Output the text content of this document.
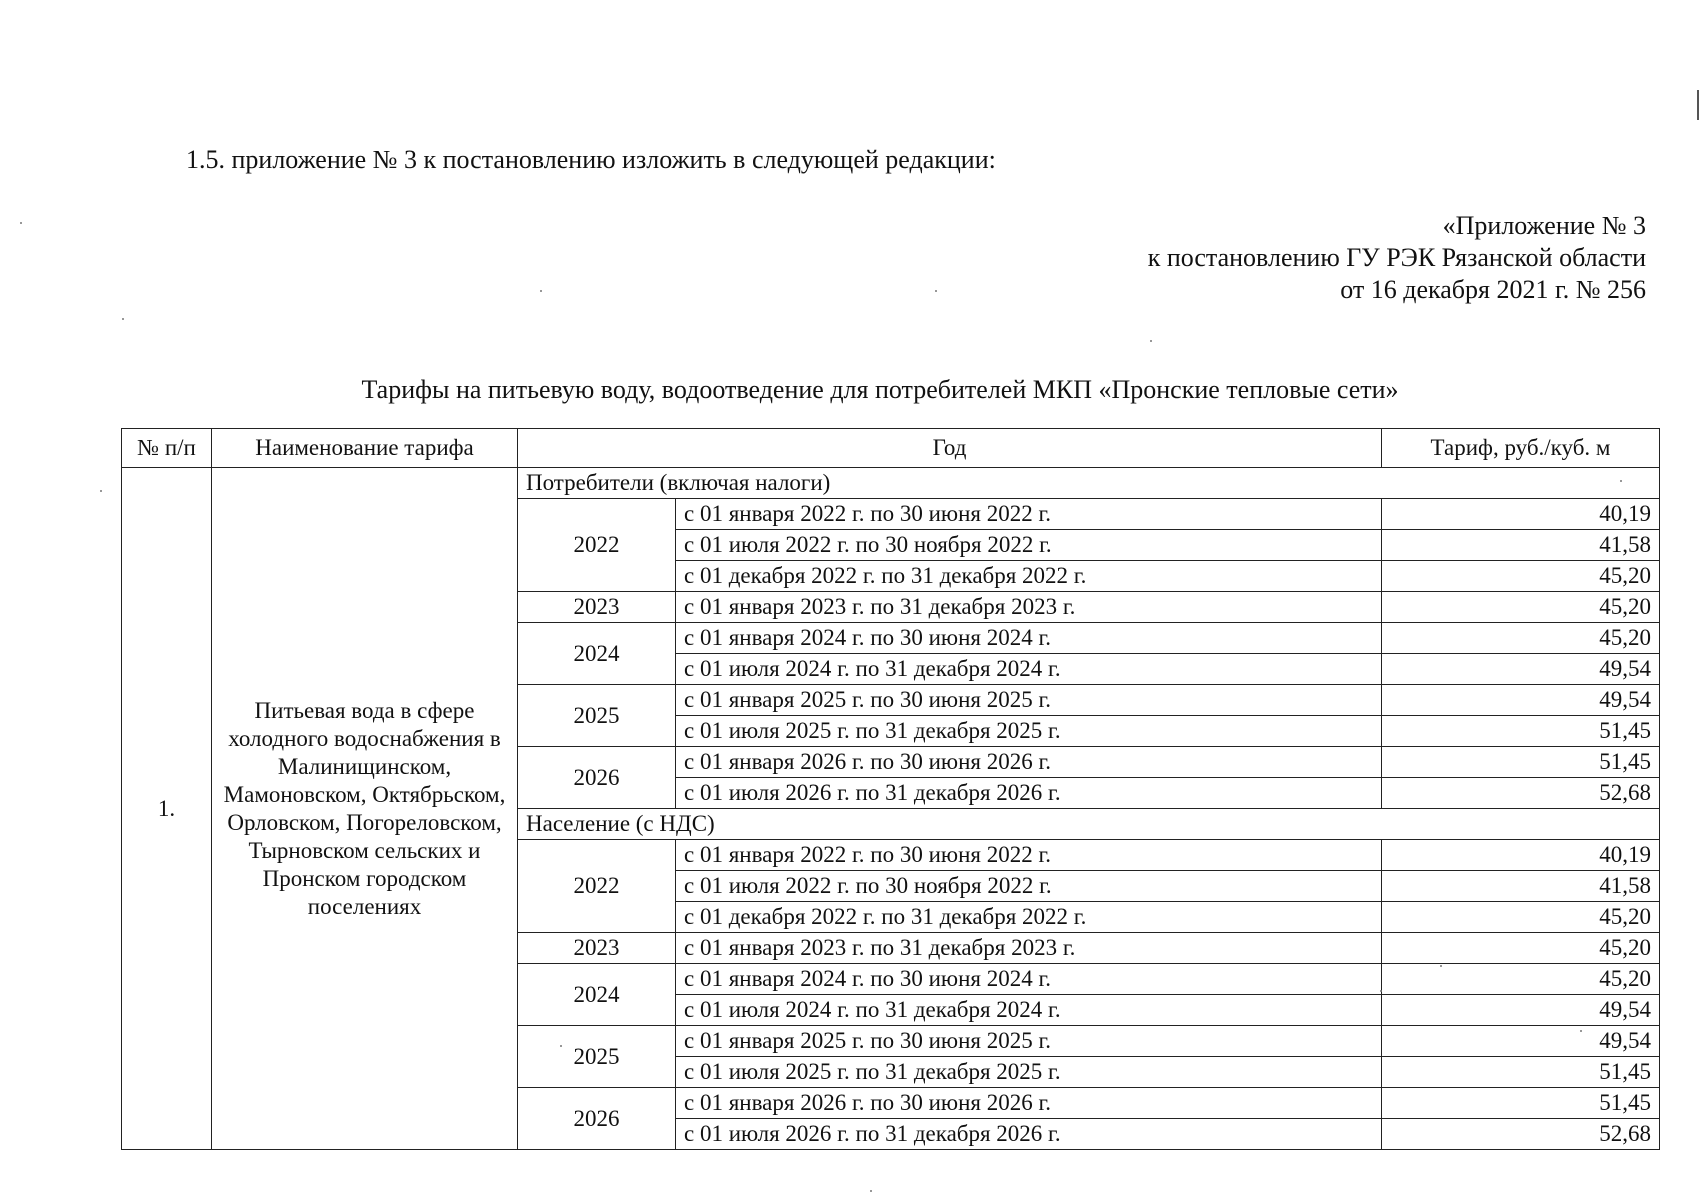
1.5. приложение № 3 к постановлению изложить в следующей редакции:
«Приложение № 3
к постановлению ГУ РЭК Рязанской области
от 16 декабря 2021 г. № 256
Тарифы на питьевую воду, водоотведение для потребителей МКП «Пронские тепловые сети»
№ п/п	Наименование тарифа	Год		Тариф, руб./куб. м
1.	Питьевая вода в сфере холодного водоснабжения в Малинищинском, Мамоновском, Октябрьском, Орловском, Погореловском, Тырновском сельских и Пронском городском поселениях	Потребители (включая налоги)		
		2022	с 01 января 2022 г. по 30 июня 2022 г.	40,19
			с 01 июля 2022 г. по 30 ноября 2022 г.	41,58
			с 01 декабря 2022 г. по 31 декабря 2022 г.	45,20
		2023	с 01 января 2023 г. по 31 декабря 2023 г.	45,20
		2024	с 01 января 2024 г. по 30 июня 2024 г.	45,20
			с 01 июля 2024 г. по 31 декабря 2024 г.	49,54
		2025	с 01 января 2025 г. по 30 июня 2025 г.	49,54
			с 01 июля 2025 г. по 31 декабря 2025 г.	51,45
		2026	с 01 января 2026 г. по 30 июня 2026 г.	51,45
			с 01 июля 2026 г. по 31 декабря 2026 г.	52,68
		Население (с НДС)		
		2022	с 01 января 2022 г. по 30 июня 2022 г.	40,19
			с 01 июля 2022 г. по 30 ноября 2022 г.	41,58
			с 01 декабря 2022 г. по 31 декабря 2022 г.	45,20
		2023	с 01 января 2023 г. по 31 декабря 2023 г.	45,20
		2024	с 01 января 2024 г. по 30 июня 2024 г.	45,20
			с 01 июля 2024 г. по 31 декабря 2024 г.	49,54
		2025	с 01 января 2025 г. по 30 июня 2025 г.	49,54
			с 01 июля 2025 г. по 31 декабря 2025 г.	51,45
		2026	с 01 января 2026 г. по 30 июня 2026 г.	51,45
			с 01 июля 2026 г. по 31 декабря 2026 г.	52,68
